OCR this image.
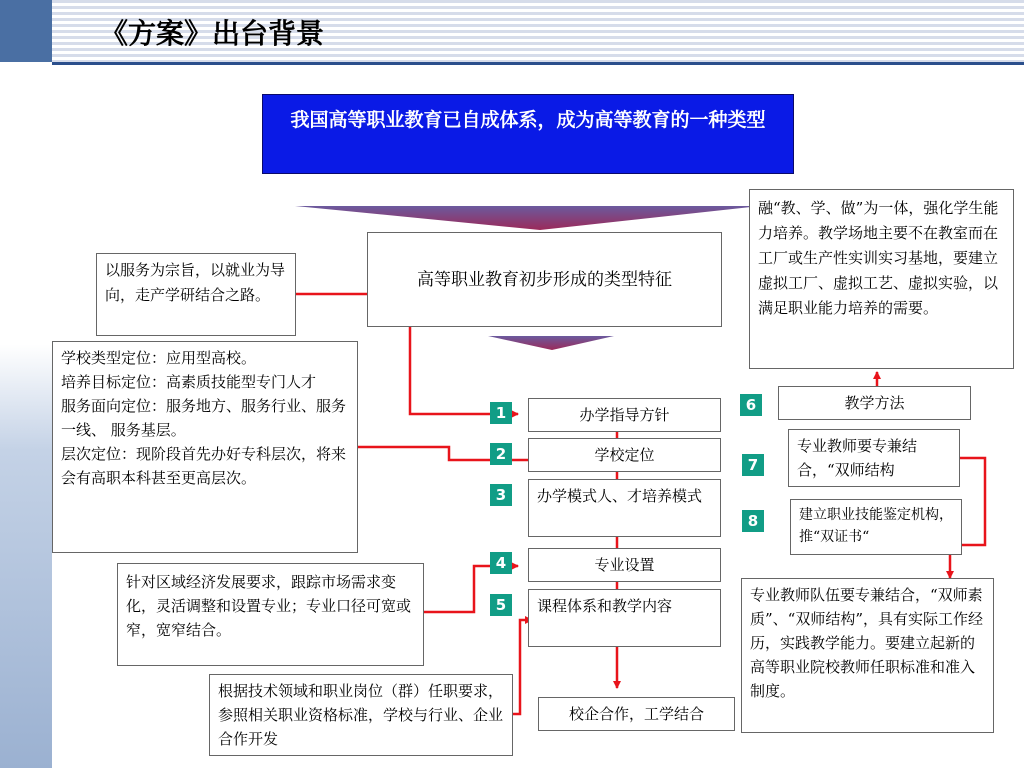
《方案》出台背景
我国高等职业教育已自成体系，成为高等教育的一种类型
高等职业教育初步形成的类型特征
以服务为宗旨，以就业为导向，走产学研结合之路。

学校类型定位：应用型高校。

培养目标定位：高素质技能型专门人才

服务面向定位：服务地方、服务行业、服务一线、 服务基层。

层次定位：现阶段首先办好专科层次，将来会有高职本科甚至更高层次。

针对区域经济发展要求，跟踪市场需求变化，灵活调整和设置专业；专业口径可宽或窄，宽窄结合。
根据技术领域和职业岗位（群）任职要求，参照相关职业资格标准，学校与行业、企业合作开发
校企合作，工学结合
1	办学指导方针
2	学校定位
3	办学模式人、才培养模式
4	专业设置
5	课程体系和教学内容
融“教、学、做”为一体，强化学生能力培养。教学场地主要不在教室而在工厂或生产性实训实习基地，要建立虚拟工厂、虚拟工艺、虚拟实验，以满足职业能力培养的需要。
6	教学方法
7
专业教师要专兼结合，“双师结构
8	建立职业技能鉴定机构，推“双证书“
专业教师队伍要专兼结合，“双师素质”、“双师结构”，具有实际工作经历，实践教学能力。要建立起新的高等职业院校教师任职标准和准入制度。
